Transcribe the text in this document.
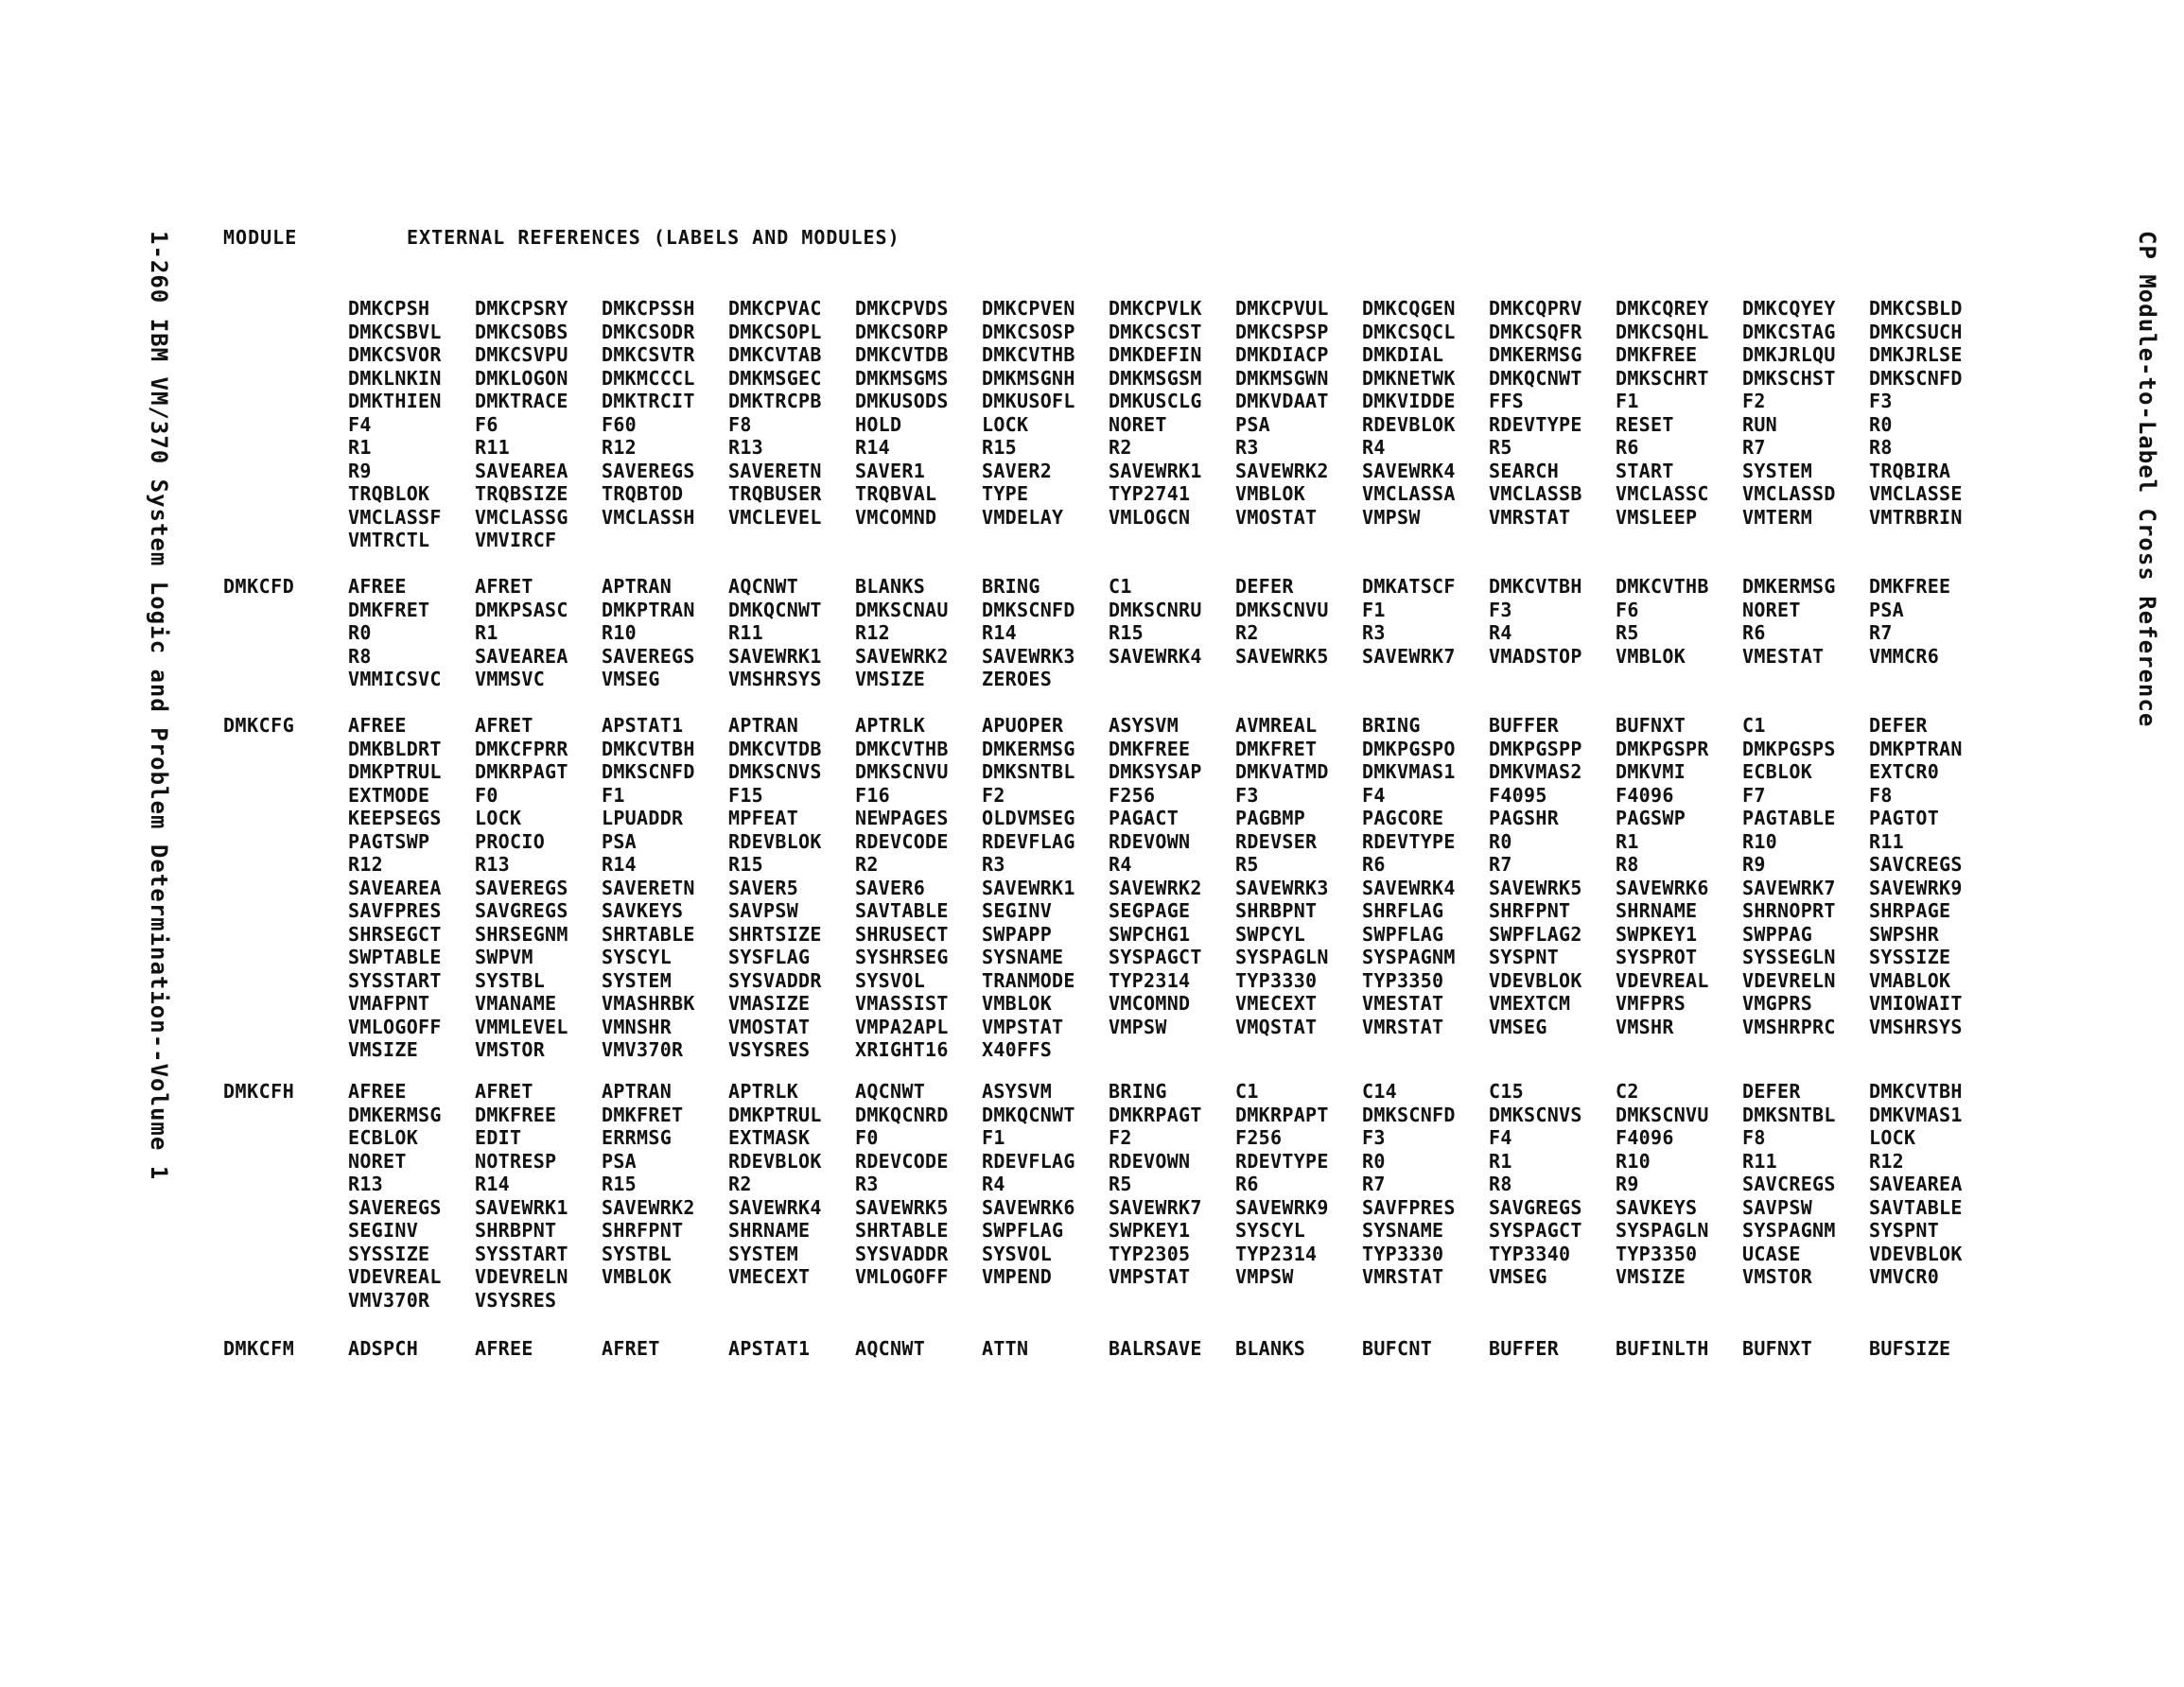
MODULE	EXTERNAL REFERENCES (LABELS AND MODULES)
1-260 IBM VM/370 System Logic and Problem Determination--Volume 1	CP Module-to-Label Cross Reference
DMKCPSH	DMKCPSRY	DMKCPSSH	DMKCPVAC	DMKCPVDS	DMKCPVEN	DMKCPVLK	DMKCPVUL	DMKCQGEN	DMKCQPRV	DMKCQREY	DMKCQYEY	DMKCSBLD
DMKCSBVL	DMKCSOBS	DMKCSODR	DMKCSOPL	DMKCSORP	DMKCSOSP	DMKCSCST	DMKCSPSP	DMKCSQCL	DMKCSQFR	DMKCSQHL	DMKCSTAG	DMKCSUCH
DMKCSVOR	DMKCSVPU	DMKCSVTR	DMKCVTAB	DMKCVTDB	DMKCVTHB	DMKDEFIN	DMKDIACP	DMKDIAL	DMKERMSG	DMKFREE	DMKJRLQU	DMKJRLSE
DMKLNKIN	DMKLOGON	DMKMCCCL	DMKMSGEC	DMKMSGMS	DMKMSGNH	DMKMSGSM	DMKMSGWN	DMKNETWK	DMKQCNWT	DMKSCHRT	DMKSCHST	DMKSCNFD
DMKTHIEN	DMKTRACE	DMKTRCIT	DMKTRCPB	DMKUSODS	DMKUSOFL	DMKUSCLG	DMKVDAAT	DMKVIDDE	FFS	F1	F2	F3
F4	F6	F60	F8	HOLD	LOCK	NORET	PSA	RDEVBLOK	RDEVTYPE	RESET	RUN	R0
R1	R11	R12	R13	R14	R15	R2	R3	R4	R5	R6	R7	R8
R9	SAVEAREA	SAVEREGS	SAVERETN	SAVER1	SAVER2	SAVEWRK1	SAVEWRK2	SAVEWRK4	SEARCH	START	SYSTEM	TRQBIRA
TRQBLOK	TRQBSIZE	TRQBTOD	TRQBUSER	TRQBVAL	TYPE	TYP2741	VMBLOK	VMCLASSA	VMCLASSB	VMCLASSC	VMCLASSD	VMCLASSE
VMCLASSF	VMCLASSG	VMCLASSH	VMCLEVEL	VMCOMND	VMDELAY	VMLOGCN	VMOSTAT	VMPSW	VMRSTAT	VMSLEEP	VMTERM	VMTRBRIN
VMTRCTL	VMVIRCF
DMKCFD	AFREE	AFRET	APTRAN	AQCNWT	BLANKS	BRING	C1	DEFER	DMKATSCF	DMKCVTBH	DMKCVTHB	DMKERMSG	DMKFREE
DMKFRET	DMKPSASC	DMKPTRAN	DMKQCNWT	DMKSCNAU	DMKSCNFD	DMKSCNRU	DMKSCNVU	F1	F3	F6	NORET	PSA
R0	R1	R10	R11	R12	R14	R15	R2	R3	R4	R5	R6	R7
R8	SAVEAREA	SAVEREGS	SAVEWRK1	SAVEWRK2	SAVEWRK3	SAVEWRK4	SAVEWRK5	SAVEWRK7	VMADSTOP	VMBLOK	VMESTAT	VMMCR6
VMMICSVC	VMMSVC	VMSEG	VMSHRSYS	VMSIZE	ZEROES
DMKCFG	AFREE	AFRET	APSTAT1	APTRAN	APTRLK	APUOPER	ASYSVM	AVMREAL	BRING	BUFFER	BUFNXT	C1	DEFER
DMKBLDRT	DMKCFPRR	DMKCVTBH	DMKCVTDB	DMKCVTHB	DMKERMSG	DMKFREE	DMKFRET	DMKPGSPO	DMKPGSPP	DMKPGSPR	DMKPGSPS	DMKPTRAN
DMKPTRUL	DMKRPAGT	DMKSCNFD	DMKSCNVS	DMKSCNVU	DMKSNTBL	DMKSYSAP	DMKVATMD	DMKVMAS1	DMKVMAS2	DMKVMI	ECBLOK	EXTCR0
EXTMODE	F0	F1	F15	F16	F2	F256	F3	F4	F4095	F4096	F7	F8
KEEPSEGS	LOCK	LPUADDR	MPFEAT	NEWPAGES	OLDVMSEG	PAGACT	PAGBMP	PAGCORE	PAGSHR	PAGSWP	PAGTABLE	PAGTOT
PAGTSWP	PROCIO	PSA	RDEVBLOK	RDEVCODE	RDEVFLAG	RDEVOWN	RDEVSER	RDEVTYPE	R0	R1	R10	R11
R12	R13	R14	R15	R2	R3	R4	R5	R6	R7	R8	R9	SAVCREGS
SAVEAREA	SAVEREGS	SAVERETN	SAVER5	SAVER6	SAVEWRK1	SAVEWRK2	SAVEWRK3	SAVEWRK4	SAVEWRK5	SAVEWRK6	SAVEWRK7	SAVEWRK9
SAVFPRES	SAVGREGS	SAVKEYS	SAVPSW	SAVTABLE	SEGINV	SEGPAGE	SHRBPNT	SHRFLAG	SHRFPNT	SHRNAME	SHRNOPRT	SHRPAGE
SHRSEGCT	SHRSEGNM	SHRTABLE	SHRTSIZE	SHRUSECT	SWPAPP	SWPCHG1	SWPCYL	SWPFLAG	SWPFLAG2	SWPKEY1	SWPPAG	SWPSHR
SWPTABLE	SWPVM	SYSCYL	SYSFLAG	SYSHRSEG	SYSNAME	SYSPAGCT	SYSPAGLN	SYSPAGNM	SYSPNT	SYSPROT	SYSSEGLN	SYSSIZE
SYSSTART	SYSTBL	SYSTEM	SYSVADDR	SYSVOL	TRANMODE	TYP2314	TYP3330	TYP3350	VDEVBLOK	VDEVREAL	VDEVRELN	VMABLOK
VMAFPNT	VMANAME	VMASHRBK	VMASIZE	VMASSIST	VMBLOK	VMCOMND	VMECEXT	VMESTAT	VMEXTCM	VMFPRS	VMGPRS	VMIOWAIT
VMLOGOFF	VMMLEVEL	VMNSHR	VMOSTAT	VMPA2APL	VMPSTAT	VMPSW	VMQSTAT	VMRSTAT	VMSEG	VMSHR	VMSHRPRC	VMSHRSYS
VMSIZE	VMSTOR	VMV370R	VSYSRES	XRIGHT16	X40FFS
DMKCFH	AFREE	AFRET	APTRAN	APTRLK	AQCNWT	ASYSVM	BRING	C1	C14	C15	C2	DEFER	DMKCVTBH
DMKERMSG	DMKFREE	DMKFRET	DMKPTRUL	DMKQCNRD	DMKQCNWT	DMKRPAGT	DMKRPAPT	DMKSCNFD	DMKSCNVS	DMKSCNVU	DMKSNTBL	DMKVMAS1
ECBLOK	EDIT	ERRMSG	EXTMASK	F0	F1	F2	F256	F3	F4	F4096	F8	LOCK
NORET	NOTRESP	PSA	RDEVBLOK	RDEVCODE	RDEVFLAG	RDEVOWN	RDEVTYPE	R0	R1	R10	R11	R12
R13	R14	R15	R2	R3	R4	R5	R6	R7	R8	R9	SAVCREGS	SAVEAREA
SAVEREGS	SAVEWRK1	SAVEWRK2	SAVEWRK4	SAVEWRK5	SAVEWRK6	SAVEWRK7	SAVEWRK9	SAVFPRES	SAVGREGS	SAVKEYS	SAVPSW	SAVTABLE
SEGINV	SHRBPNT	SHRFPNT	SHRNAME	SHRTABLE	SWPFLAG	SWPKEY1	SYSCYL	SYSNAME	SYSPAGCT	SYSPAGLN	SYSPAGNM	SYSPNT
SYSSIZE	SYSSTART	SYSTBL	SYSTEM	SYSVADDR	SYSVOL	TYP2305	TYP2314	TYP3330	TYP3340	TYP3350	UCASE	VDEVBLOK
VDEVREAL	VDEVRELN	VMBLOK	VMECEXT	VMLOGOFF	VMPEND	VMPSTAT	VMPSW	VMRSTAT	VMSEG	VMSIZE	VMSTOR	VMVCR0
VMV370R	VSYSRES
DMKCFM	ADSPCH	AFREE	AFRET	APSTAT1	AQCNWT	ATTN	BALRSAVE	BLANKS	BUFCNT	BUFFER	BUFINLTH	BUFNXT	BUFSIZE
